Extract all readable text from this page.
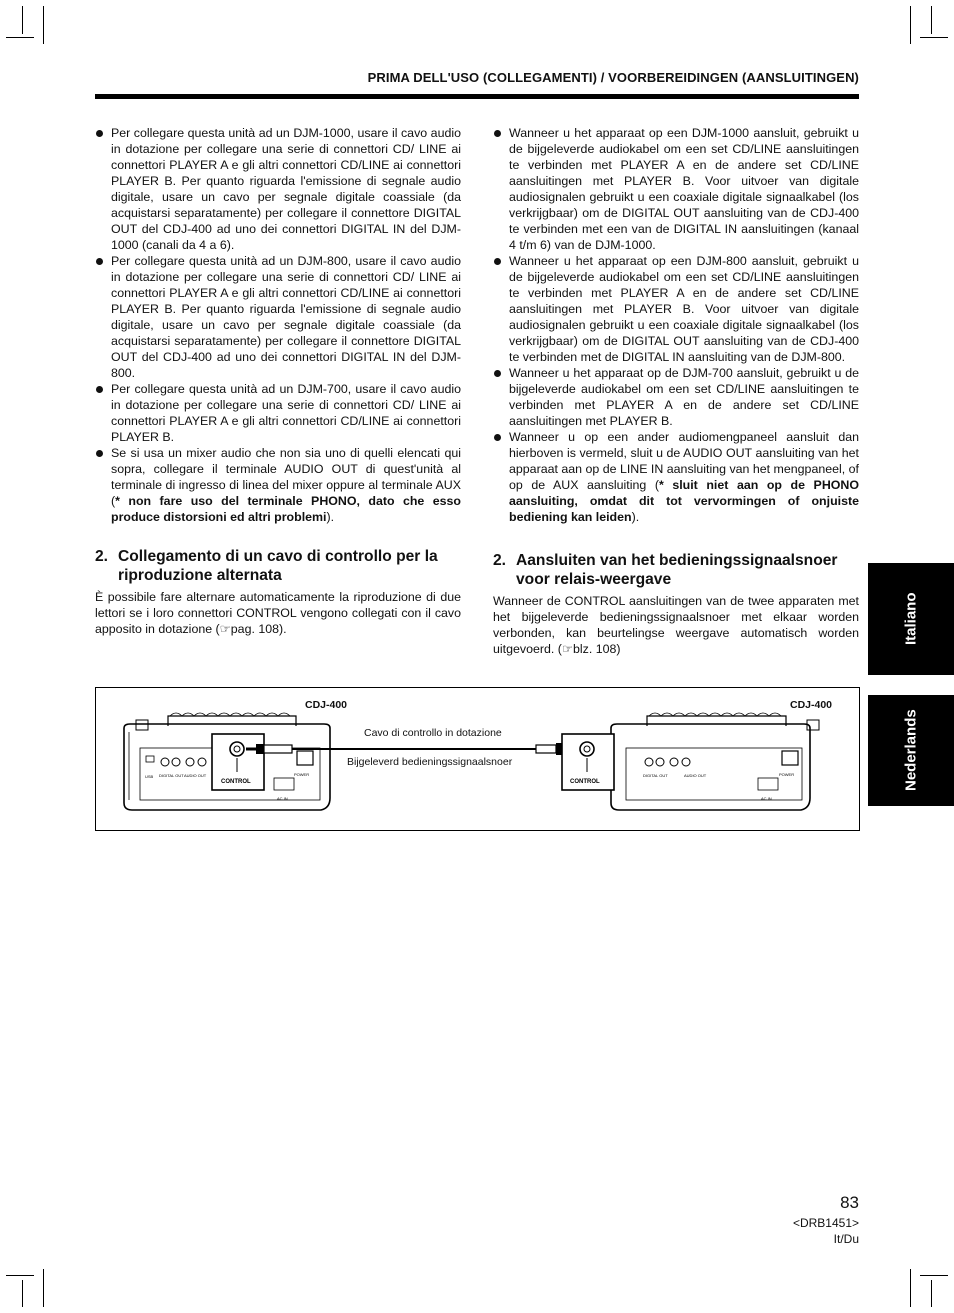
PRIMA DELL'USO (COLLEGAMENTI) / VOORBEREIDINGEN (AANSLUITINGEN)
Per collegare questa unità ad un DJM-1000, usare il cavo audio in dotazione per collegare una serie di connettori CD/ LINE ai connettori PLAYER A e gli altri connettori CD/LINE ai connettori PLAYER B. Per quanto riguarda l'emissione di segnale audio digitale, usare un cavo per segnale digitale coassiale (da acquistarsi separatamente) per collegare il connettore DIGITAL OUT del CDJ-400 ad uno dei connettori DIGITAL IN del DJM-1000 (canali da 4 a 6).
Per collegare questa unità ad un DJM-800, usare il cavo audio in dotazione per collegare una serie di connettori CD/ LINE ai connettori PLAYER A e gli altri connettori CD/LINE ai connettori PLAYER B. Per quanto riguarda l'emissione di segnale audio digitale, usare un cavo per segnale digitale coassiale (da acquistarsi separatamente) per collegare il connettore DIGITAL OUT del CDJ-400 ad uno dei connettori DIGITAL IN del DJM-800.
Per collegare questa unità ad un DJM-700, usare il cavo audio in dotazione per collegare una serie di connettori CD/ LINE ai connettori PLAYER A e gli altri connettori CD/LINE ai connettori PLAYER B.
Se si usa un mixer audio che non sia uno di quelli elencati qui sopra, collegare il terminale AUDIO OUT di quest'unità al terminale di ingresso di linea del mixer oppure al terminale AUX (* non fare uso del terminale PHONO, dato che esso produce distorsioni ed altri problemi).
2. Collegamento di un cavo di controllo per la riproduzione alternata

È possibile fare alternare automaticamente la riproduzione di due lettori se i loro connettori CONTROL vengono collegati con il cavo apposito in dotazione (☞pag. 108).

Wanneer u het apparaat op een DJM-1000 aansluit, gebruikt u de bijgeleverde audiokabel om een set CD/LINE aansluitingen te verbinden met PLAYER A en de andere set CD/LINE aansluitingen met PLAYER B. Voor uitvoer van digitale audiosignalen gebruikt u een coaxiale digitale signaalkabel (los verkrijgbaar) om de DIGITAL OUT aansluiting van de CDJ-400 te verbinden met een van de DIGITAL IN aansluitingen (kanaal 4 t/m 6) van de DJM-1000.
Wanneer u het apparaat op een DJM-800 aansluit, gebruikt u de bijgeleverde audiokabel om een set CD/LINE aansluitingen te verbinden met PLAYER A en de andere set CD/LINE aansluitingen met PLAYER B. Voor uitvoer van digitale audiosignalen gebruikt u een coaxiale digitale signaalkabel (los verkrijgbaar) om de DIGITAL OUT aansluiting van de CDJ-400 te verbinden met de DIGITAL IN aansluiting van de DJM-800.
Wanneer u het apparaat op de DJM-700 aansluit, gebruikt u de bijgeleverde audiokabel om een set CD/LINE aansluitingen te verbinden met PLAYER A en de andere set CD/LINE aansluitingen met PLAYER B.
Wanneer u op een ander audiomengpaneel aansluit dan hierboven is vermeld, sluit u de AUDIO OUT aansluiting van het apparaat aan op de LINE IN aansluiting van het mengpaneel, of op de AUX aansluiting (* sluit niet aan op de PHONO aansluiting, omdat dit tot vervormingen of onjuiste bediening kan leiden).
2. Aansluiten van het bedieningssignaalsnoer voor relais-weergave

Wanneer de CONTROL aansluitingen van de twee apparaten met het bijgeleverde bedieningssignaalsnoer met elkaar worden verbonden, kan beurtelingse weergave automatisch worden uitgevoerd. (☞blz. 108)

USB DIGITAL OUT AUDIO OUT
CONTROL
POWER
AC IN
CONTROL
DIGITAL OUT	AUDIO OUT	POWER
AC IN
CDJ-400	CDJ-400
Cavo di controllo in dotazione
Bijgeleverd bedieningssignaalsnoer
Italiano
Nederlands
83
<DRB1451>
It/Du
